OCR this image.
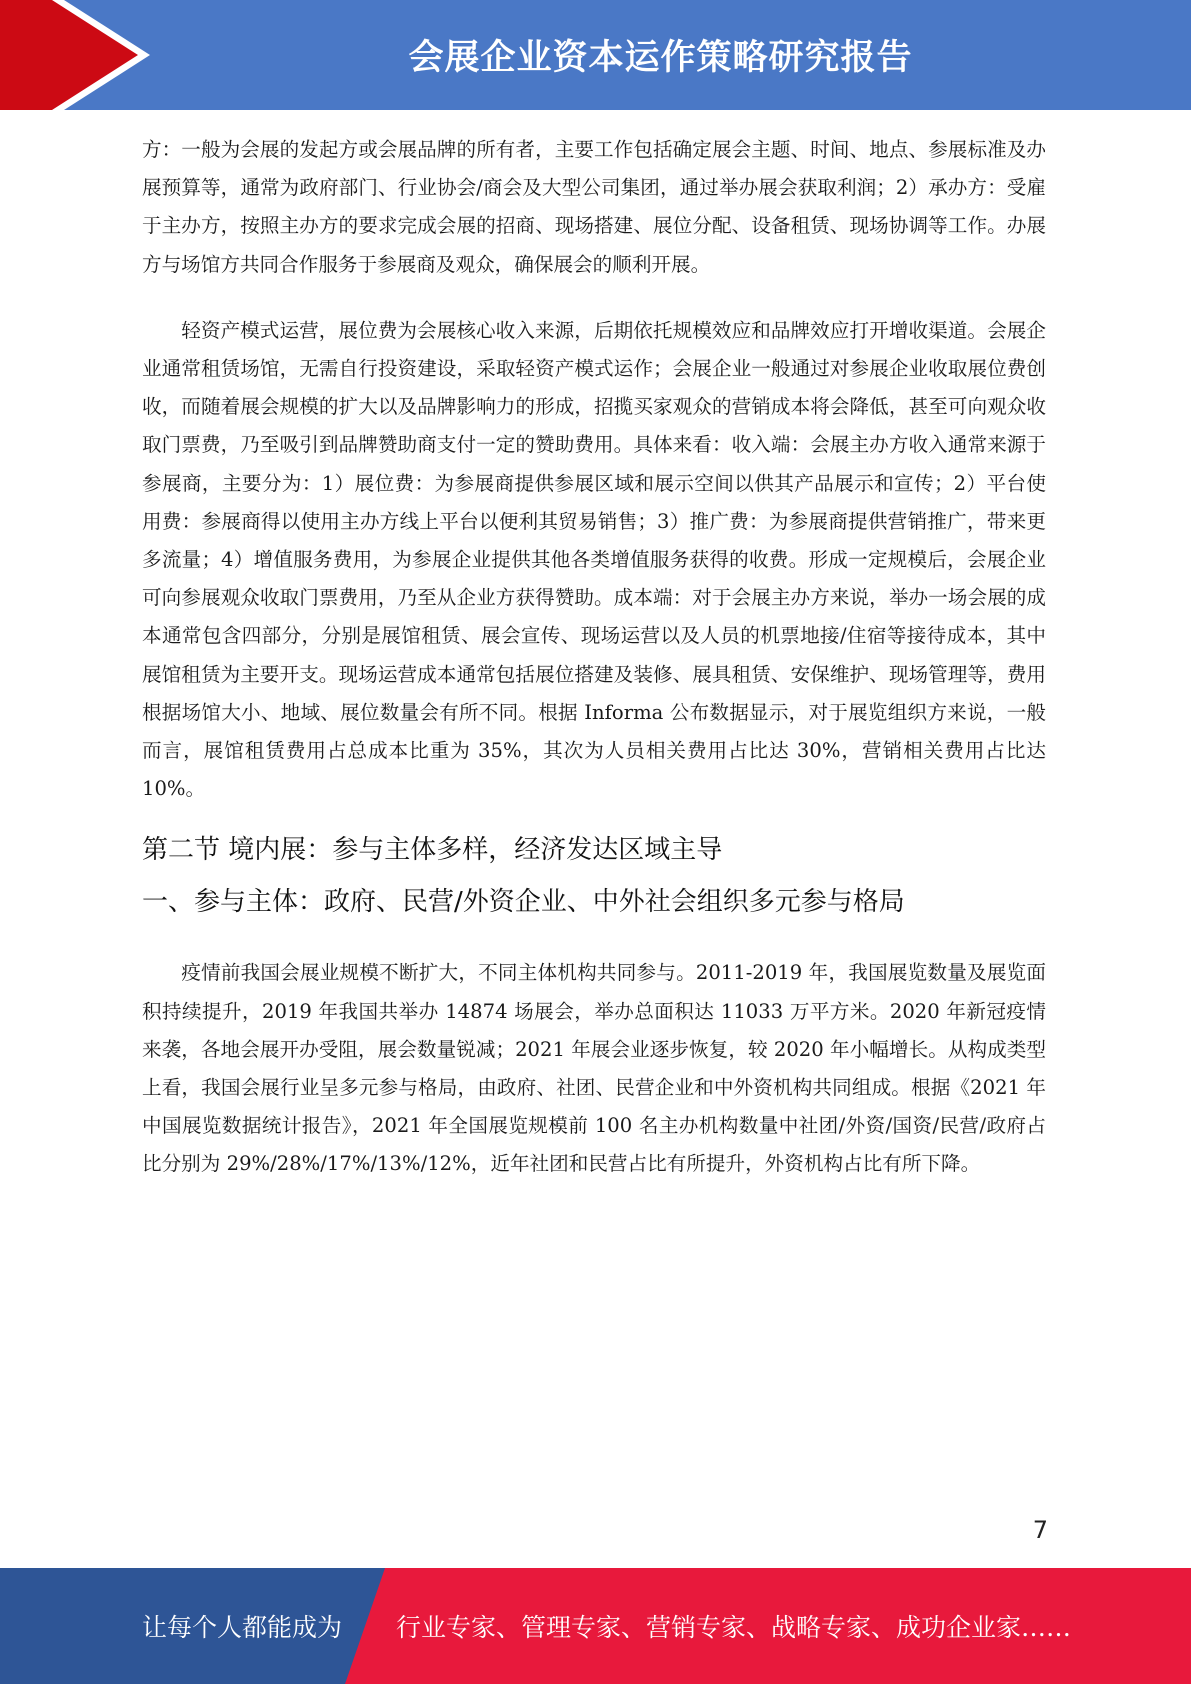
会展企业资本运作策略研究报告

方：一般为会展的发起方或会展品牌的所有者，主要工作包括确定展会主题、时间、地点、参展标准及办展预算等，通常为政府部门、行业协会/商会及大型公司集团，通过举办展会获取利润；2）承办方：受雇于主办方，按照主办方的要求完成会展的招商、现场搭建、展位分配、设备租赁、现场协调等工作。办展方与场馆方共同合作服务于参展商及观众，确保展会的顺利开展。

轻资产模式运营，展位费为会展核心收入来源，后期依托规模效应和品牌效应打开增收渠道。会展企业通常租赁场馆，无需自行投资建设，采取轻资产模式运作；会展企业一般通过对参展企业收取展位费创收，而随着展会规模的扩大以及品牌影响力的形成，招揽买家观众的营销成本将会降低，甚至可向观众收取门票费，乃至吸引到品牌赞助商支付一定的赞助费用。具体来看：收入端：会展主办方收入通常来源于参展商，主要分为：1）展位费：为参展商提供参展区域和展示空间以供其产品展示和宣传；2）平台使用费：参展商得以使用主办方线上平台以便利其贸易销售；3）推广费：为参展商提供营销推广，带来更多流量；4）增值服务费用，为参展企业提供其他各类增值服务获得的收费。形成一定规模后，会展企业可向参展观众收取门票费用，乃至从企业方获得赞助。成本端：对于会展主办方来说，举办一场会展的成本通常包含四部分，分别是展馆租赁、展会宣传、现场运营以及人员的机票地接/住宿等接待成本，其中展馆租赁为主要开支。现场运营成本通常包括展位搭建及装修、展具租赁、安保维护、现场管理等，费用根据场馆大小、地域、展位数量会有所不同。根据 Informa 公布数据显示，对于展览组织方来说，一般而言，展馆租赁费用占总成本比重为 35%，其次为人员相关费用占比达 30%，营销相关费用占比达 10%。

第二节 境内展：参与主体多样，经济发达区域主导
一、参与主体：政府、民营/外资企业、中外社会组织多元参与格局

疫情前我国会展业规模不断扩大，不同主体机构共同参与。2011-2019 年，我国展览数量及展览面积持续提升，2019 年我国共举办 14874 场展会，举办总面积达 11033 万平方米。2020 年新冠疫情来袭，各地会展开办受阻，展会数量锐减；2021 年展会业逐步恢复，较 2020 年小幅增长。从构成类型上看，我国会展行业呈多元参与格局，由政府、社团、民营企业和中外资机构共同组成。根据《2021 年中国展览数据统计报告》，2021 年全国展览规模前 100 名主办机构数量中社团/外资/国资/民营/政府占比分别为 29%/28%/17%/13%/12%，近年社团和民营占比有所提升，外资机构占比有所下降。

7
让每个人都能成为 行业专家、管理专家、营销专家、战略专家、成功企业家……
